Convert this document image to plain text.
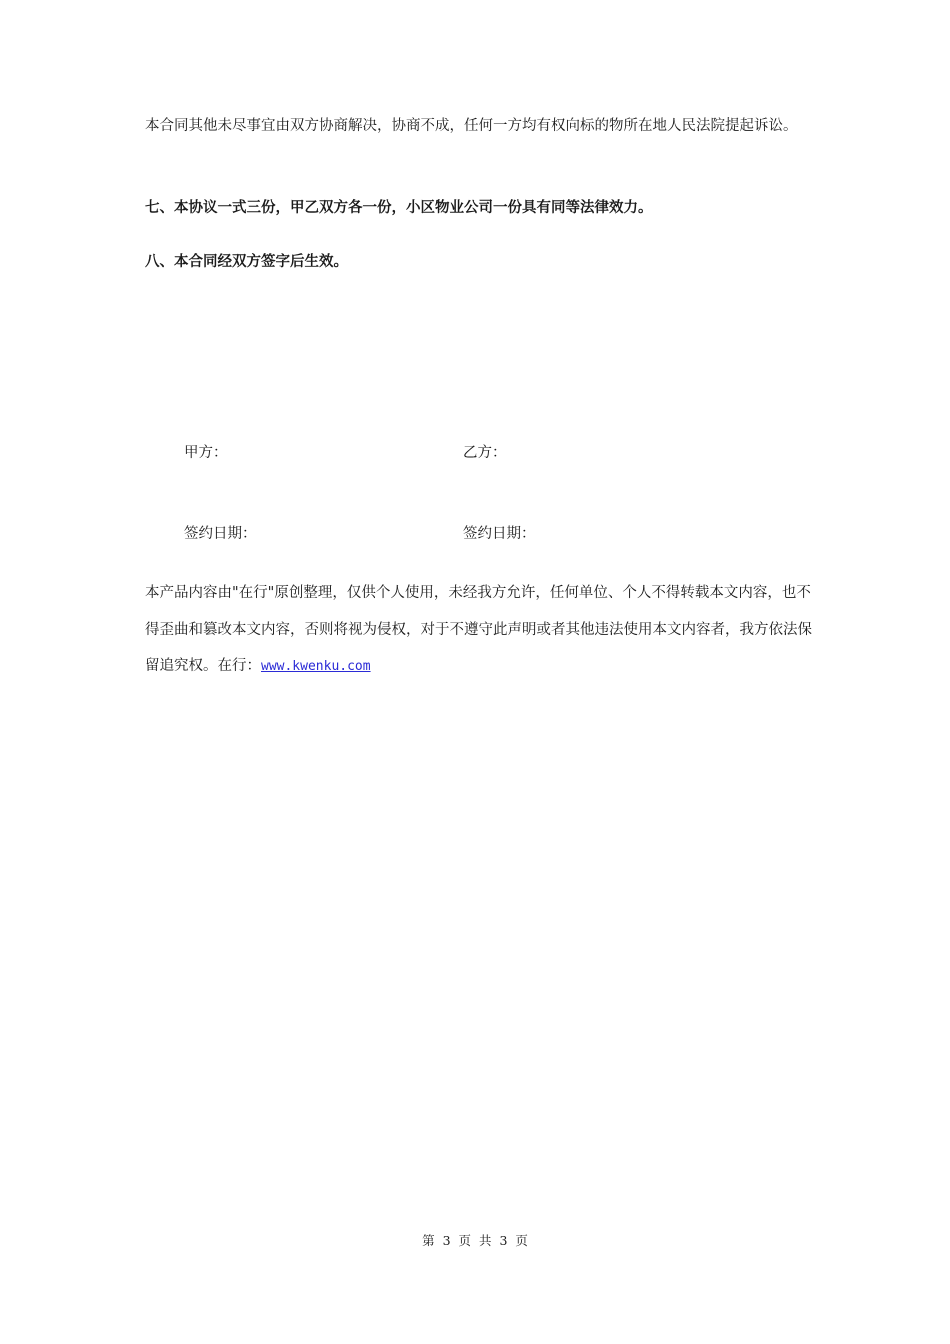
本合同其他未尽事宜由双方协商解决，协商不成，任何一方均有权向标的物所在地人民法院提起诉讼。

七、本协议一式三份，甲乙双方各一份，小区物业公司一份具有同等法律效力。

八、本合同经双方签字后生效。

甲方：	乙方：
签约日期：	签约日期：

本产品内容由"在行"原创整理，仅供个人使用，未经我方允许，任何单位、个人不得转载本文内容，也不得歪曲和篡改本文内容，否则将视为侵权，对于不遵守此声明或者其他违法使用本文内容者，我方依法保留追究权。在行：www.kwenku.com

第 3 页 共 3 页
